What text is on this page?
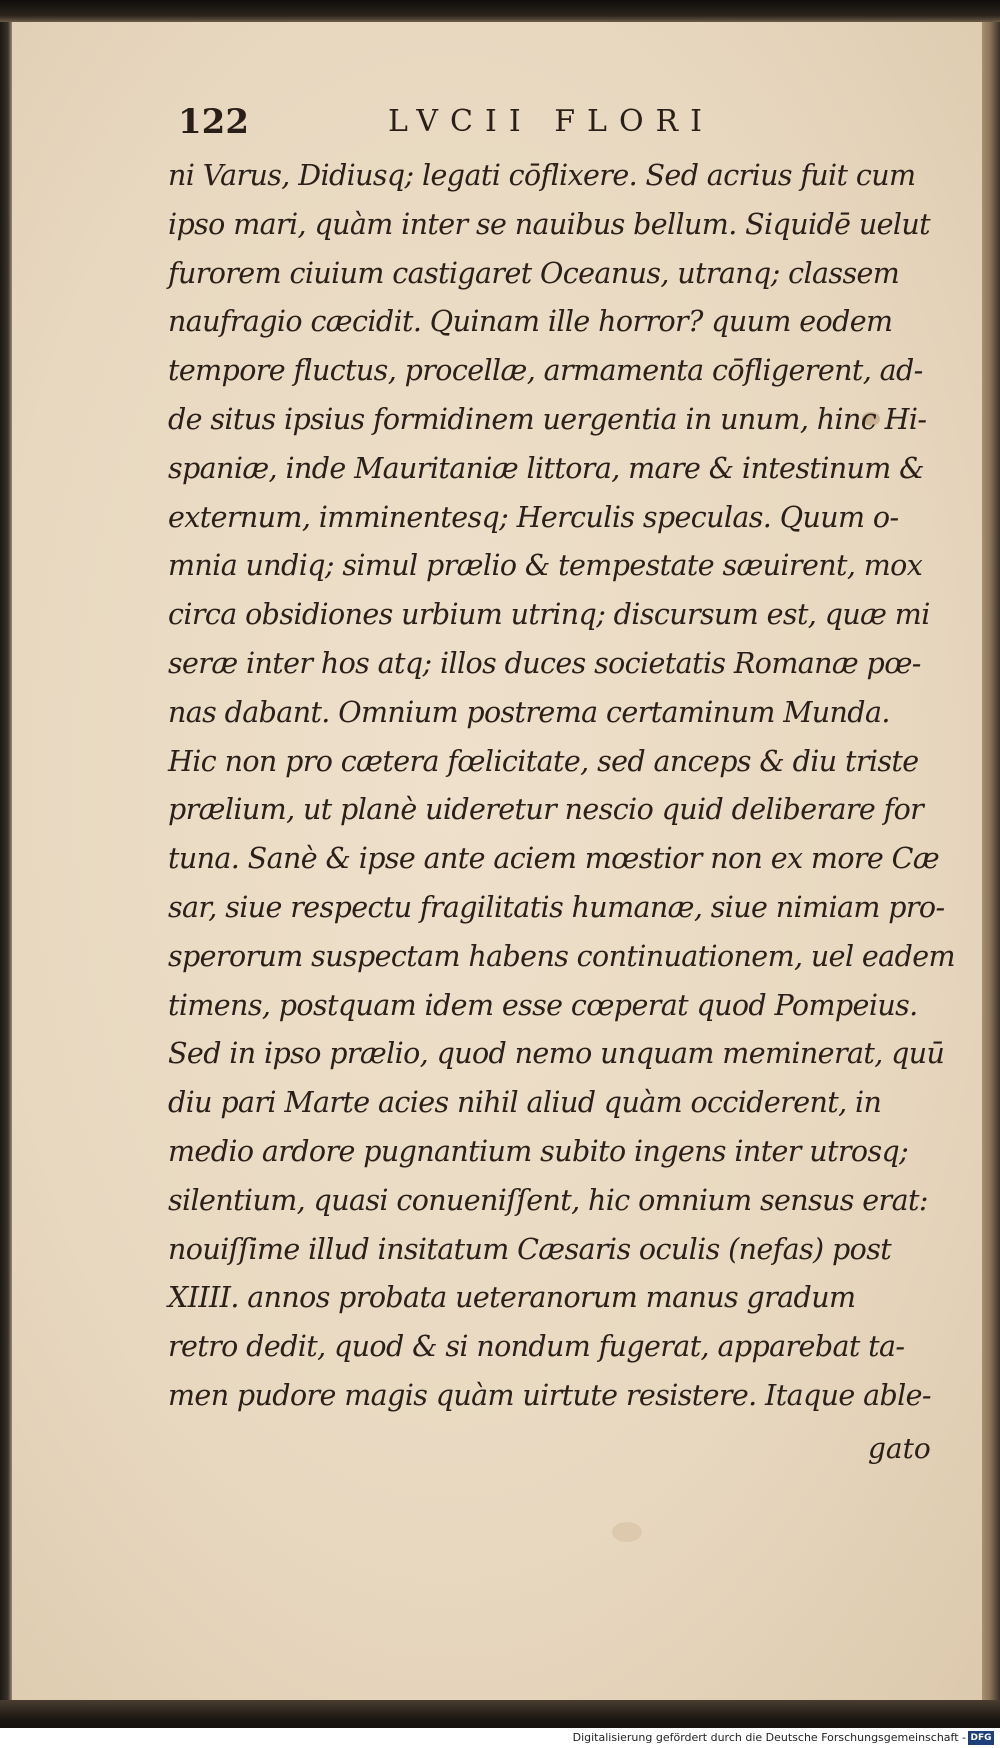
122	LVCII FLORI
ni Varus, Didiusq; legati cōflixere. Sed acrius fuit cum
ipso mari, quàm inter se nauibus bellum. Siquidē uelut
furorem ciuium castigaret Oceanus, utranq; classem
naufragio cæcidit. Quinam ille horror? quum eodem
tempore fluctus, procellæ, armamenta cōfligerent, ad-
de situs ipsius formidinem uergentia in unum, hinc Hi-
spaniæ, inde Mauritaniæ littora, mare & intestinum &
externum, imminentesq; Herculis speculas. Quum o-
mnia undiq; simul prælio & tempestate sæuirent, mox
circa obsidiones urbium utrinq; discursum est, quæ mi
seræ inter hos atq; illos duces societatis Romanæ pœ-
nas dabant. Omnium postrema certaminum Munda.
Hic non pro cætera fœlicitate, sed anceps & diu triste
prælium, ut planè uideretur nescio quid deliberare for
tuna. Sanè & ipse ante aciem mœstior non ex more Cæ
sar, siue respectu fragilitatis humanæ, siue nimiam pro-
sperorum suspectam habens continuationem, uel eadem
timens, postquam idem esse cœperat quod Pompeius.
Sed in ipso prælio, quod nemo unquam meminerat, quū
diu pari Marte acies nihil aliud quàm occiderent, in
medio ardore pugnantium subito ingens inter utrosq;
silentium, quasi conueniſſent, hic omnium sensus erat:
nouiſſime illud insitatum Cæsaris oculis (nefas) post
XIIII. annos probata ueteranorum manus gradum
retro dedit, quod & si nondum fugerat, apparebat ta-
men pudore magis quàm uirtute resistere. Itaque able-
gato
Digitalisierung gefördert durch die Deutsche Forschungsgemeinschaft - DFG
